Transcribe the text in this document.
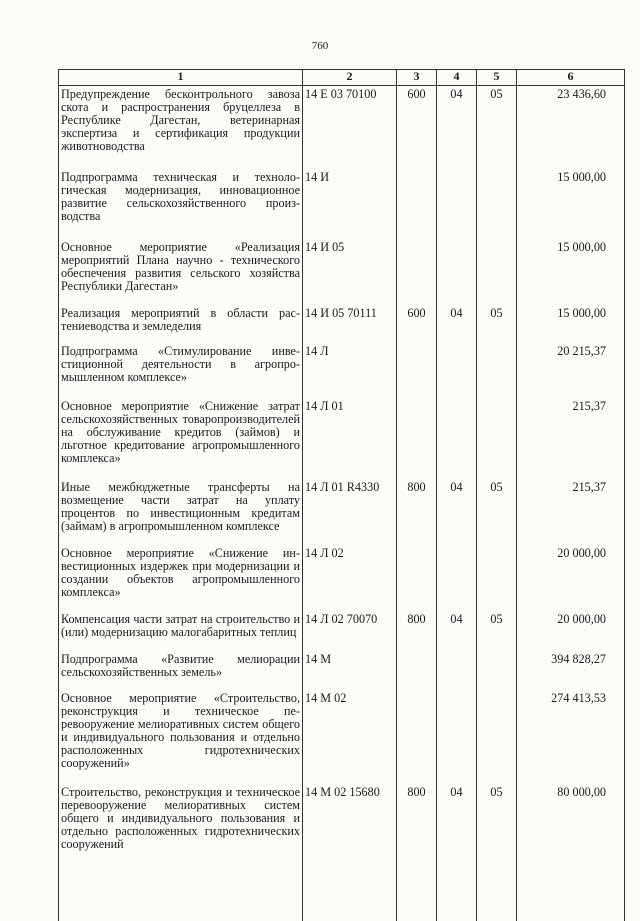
760
1	2	3	4	5	6
Предупреждение бесконтрольного завоза скота и распространения бруцеллеза в Республике Дагестан, ветеринарная экспертиза и сертификация продукции животноводства	14 Е 03 70100	600	04	05	23 436,60
Подпрограмма техническая и технологическая модернизация, инновационное развитие сельскохозяйственного производства	14 И				15 000,00
Основное мероприятие «Реализация мероприятий Плана научно - технического обеспечения развития сельского хозяйства Республики Дагестан»	14 И 05				15 000,00
Реализация мероприятий в области растениеводства и земледелия	14 И 05 70111	600	04	05	15 000,00
Подпрограмма «Стимулирование инвестиционной деятельности в агропромышленном комплексе»	14 Л				20 215,37
Основное мероприятие «Снижение затрат сельскохозяйственных товаропроизводителей на обслуживание кредитов (займов) и льготное кредитование агропромышленного комплекса»	14 Л 01				215,37
Иные межбюджетные трансферты на возмещение части затрат на уплату процентов по инвестиционным кредитам (займам) в агропромышленном комплексе	14 Л 01 R4330	800	04	05	215,37
Основное мероприятие «Снижение инвестиционных издержек при модернизации и создании объектов агропромышленного комплекса»	14 Л 02				20 000,00
Компенсация части затрат на строительство и (или) модернизацию малогабаритных теплиц	14 Л 02 70070	800	04	05	20 000,00
Подпрограмма «Развитие мелиорации сельскохозяйственных земель»	14 М				394 828,27
Основное мероприятие «Строительство, реконструкция и техническое перевооружение мелиоративных систем общего и индивидуального пользования и отдельно расположенных гидротехнических сооружений»	14 М 02				274 413,53
Строительство, реконструкция и техническое перевооружение мелиоративных систем общего и индивидуального пользования и отдельно расположенных гидротехнических сооружений	14 М 02 15680	800	04	05	80 000,00
